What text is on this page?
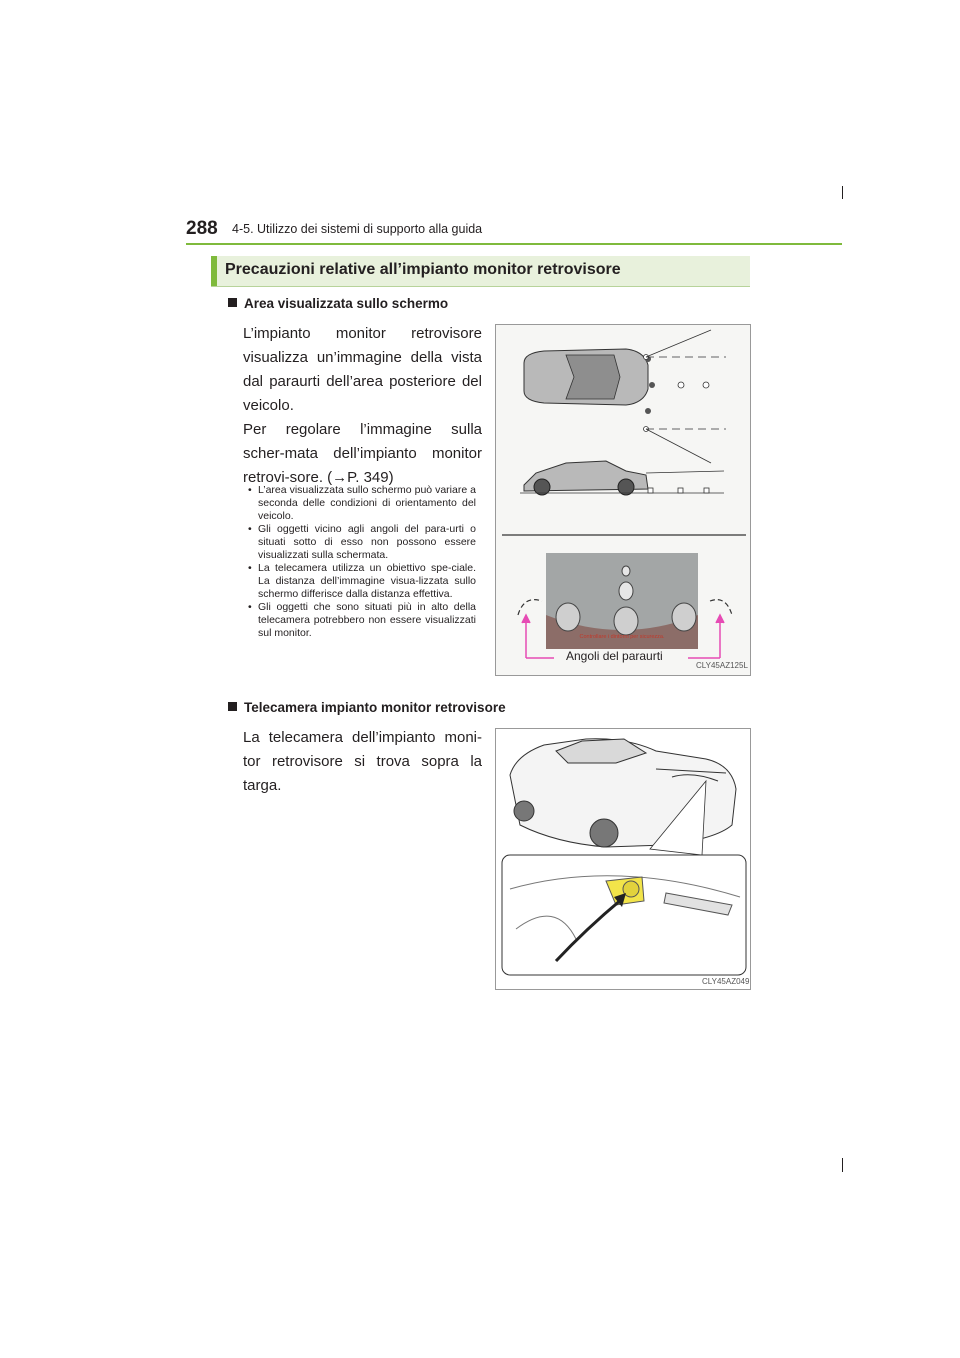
288 4-5. Utilizzo dei sistemi di supporto alla guida
Precauzioni relative all’impianto monitor retrovisore
Area visualizzata sullo schermo
L’impianto monitor retrovisore visualizza un’immagine della vista dal paraurti dell’area posteriore del veicolo.
Per regolare l’immagine sulla scher-mata dell’impianto monitor retrovi-sore. (→P. 349)
• L’area visualizzata sullo schermo può variare a seconda delle condizioni di orientamento del veicolo.
• Gli oggetti vicino agli angoli del para-urti o situati sotto di esso non possono essere visualizzati sulla schermata.
• La telecamera utilizza un obiettivo spe-ciale. La distanza dell’immagine visua-lizzata sullo schermo differisce dalla distanza effettiva.
• Gli oggetti che sono situati più in alto della telecamera potrebbero non essere visualizzati sul monitor.	Controllare i dintorni per sicurezza.
Angoli del paraurti
CLY45AZ125L
Telecamera impianto monitor retrovisore
La telecamera dell’impianto moni-tor retrovisore si trova sopra la targa.
CLY45AZ049
